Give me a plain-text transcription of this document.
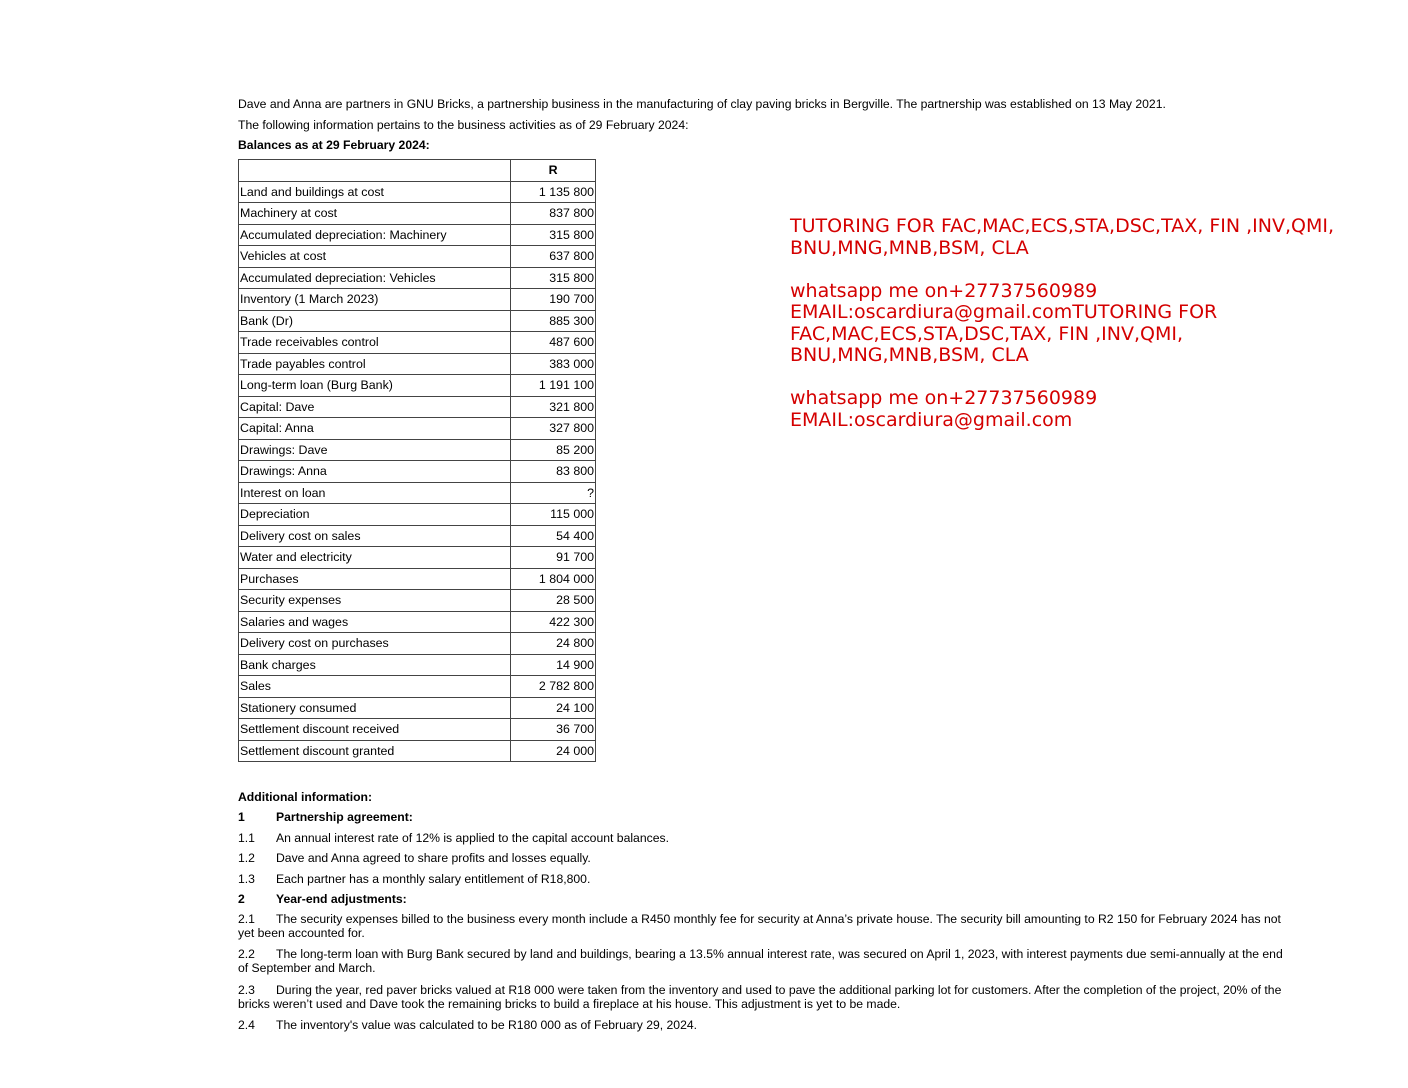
Dave and Anna are partners in GNU Bricks, a partnership business in the manufacturing of clay paving bricks in Bergville. The partnership was established on 13 May 2021.

The following information pertains to the business activities as of 29 February 2024:

Balances as at 29 February 2024:

	R
Land and buildings at cost	1 135 800
Machinery at cost	837 800
Accumulated depreciation: Machinery	315 800
Vehicles at cost	637 800
Accumulated depreciation: Vehicles	315 800
Inventory (1 March 2023)	190 700
Bank (Dr)	885 300
Trade receivables control	487 600
Trade payables control	383 000
Long-term loan (Burg Bank)	1 191 100
Capital: Dave	321 800
Capital: Anna	327 800
Drawings: Dave	85 200
Drawings: Anna	83 800
Interest on loan	?
Depreciation	115 000
Delivery cost on sales	54 400
Water and electricity	91 700
Purchases	1 804 000
Security expenses	28 500
Salaries and wages	422 300
Delivery cost on purchases	24 800
Bank charges	14 900
Sales	2 782 800
Stationery consumed	24 100
Settlement discount received	36 700
Settlement discount granted	24 000

Additional information:

1	Partnership agreement:

1.1 An annual interest rate of 12% is applied to the capital account balances.

1.2 Dave and Anna agreed to share profits and losses equally.

1.3 Each partner has a monthly salary entitlement of R18,800.

2	Year-end adjustments:

2.1 The security expenses billed to the business every month include a R450 monthly fee for security at Anna’s private house. The security bill amounting to R2 150 for February 2024 has not yet been accounted for.

2.2 The long-term loan with Burg Bank secured by land and buildings, bearing a 13.5% annual interest rate, was secured on April 1, 2023, with interest payments due semi-annually at the end of September and March.

2.3 During the year, red paver bricks valued at R18 000 were taken from the inventory and used to pave the additional parking lot for customers. After the completion of the project, 20% of the bricks weren’t used and Dave took the remaining bricks to build a fireplace at his house. This adjustment is yet to be made.

2.4 The inventory's value was calculated to be R180 000 as of February 29, 2024.

TUTORING FOR FAC,MAC,ECS,STA,DSC,TAX, FIN ,INV,QMI, BNU,MNG,MNB,BSM, CLA
whatsapp me on+27737560989
EMAIL:oscardiura@gmail.comTUTORING FOR FAC,MAC,ECS,STA,DSC,TAX, FIN ,INV,QMI, BNU,MNG,MNB,BSM, CLA
whatsapp me on+27737560989
EMAIL:oscardiura@gmail.com
